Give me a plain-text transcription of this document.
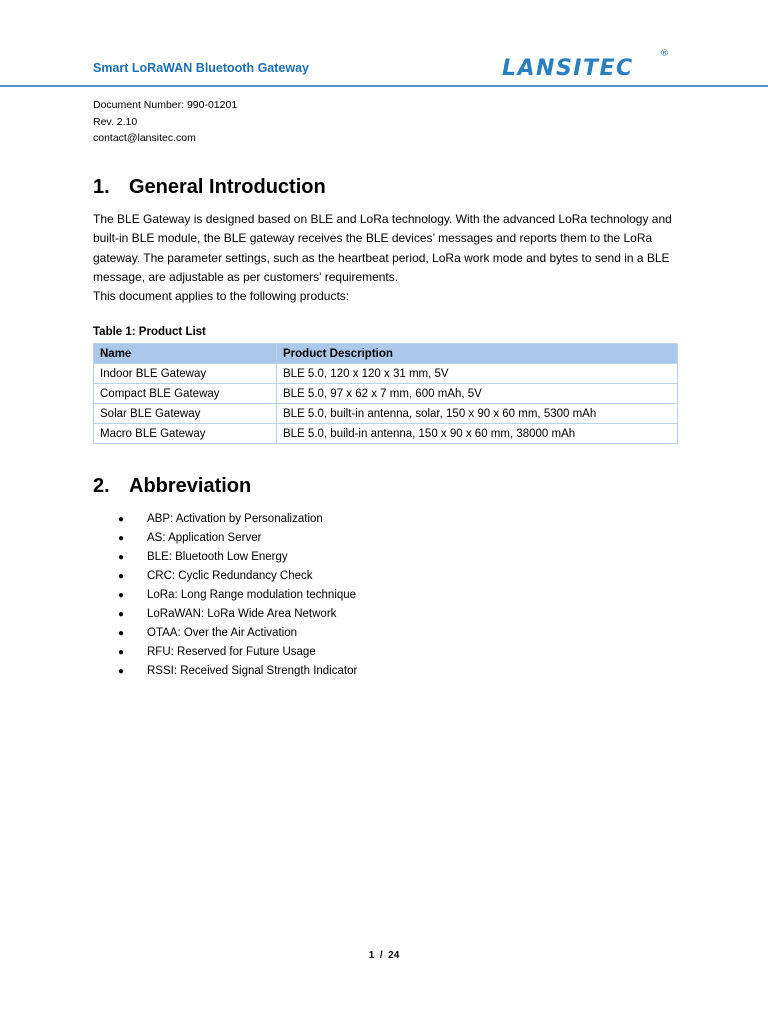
Smart LoRaWAN Bluetooth Gateway	LANSITEC
®
Document Number: 990-01201
Rev. 2.10
contact@lansitec.com
1. General Introduction

The BLE Gateway is designed based on BLE and LoRa technology. With the advanced LoRa technology and built-in BLE module, the BLE gateway receives the BLE devices’ messages and reports them to the LoRa gateway. The parameter settings, such as the heartbeat period, LoRa work mode and bytes to send in a BLE message, are adjustable as per customers' requirements.

This document applies to the following products:

Table 1: Product List
Name	Product Description
Indoor BLE Gateway	BLE 5.0, 120 x 120 x 31 mm, 5V
Compact BLE Gateway	BLE 5.0, 97 x 62 x 7 mm, 600 mAh, 5V
Solar BLE Gateway	BLE 5.0, built-in antenna, solar, 150 x 90 x 60 mm, 5300 mAh
Macro BLE Gateway	BLE 5.0, build-in antenna, 150 x 90 x 60 mm, 38000 mAh
2. Abbreviation
● ABP: Activation by Personalization
● AS: Application Server
● BLE: Bluetooth Low Energy
● CRC: Cyclic Redundancy Check
● LoRa: Long Range modulation technique
● LoRaWAN: LoRa Wide Area Network
● OTAA: Over the Air Activation
● RFU: Reserved for Future Usage
● RSSI: Received Signal Strength Indicator
1 / 24
